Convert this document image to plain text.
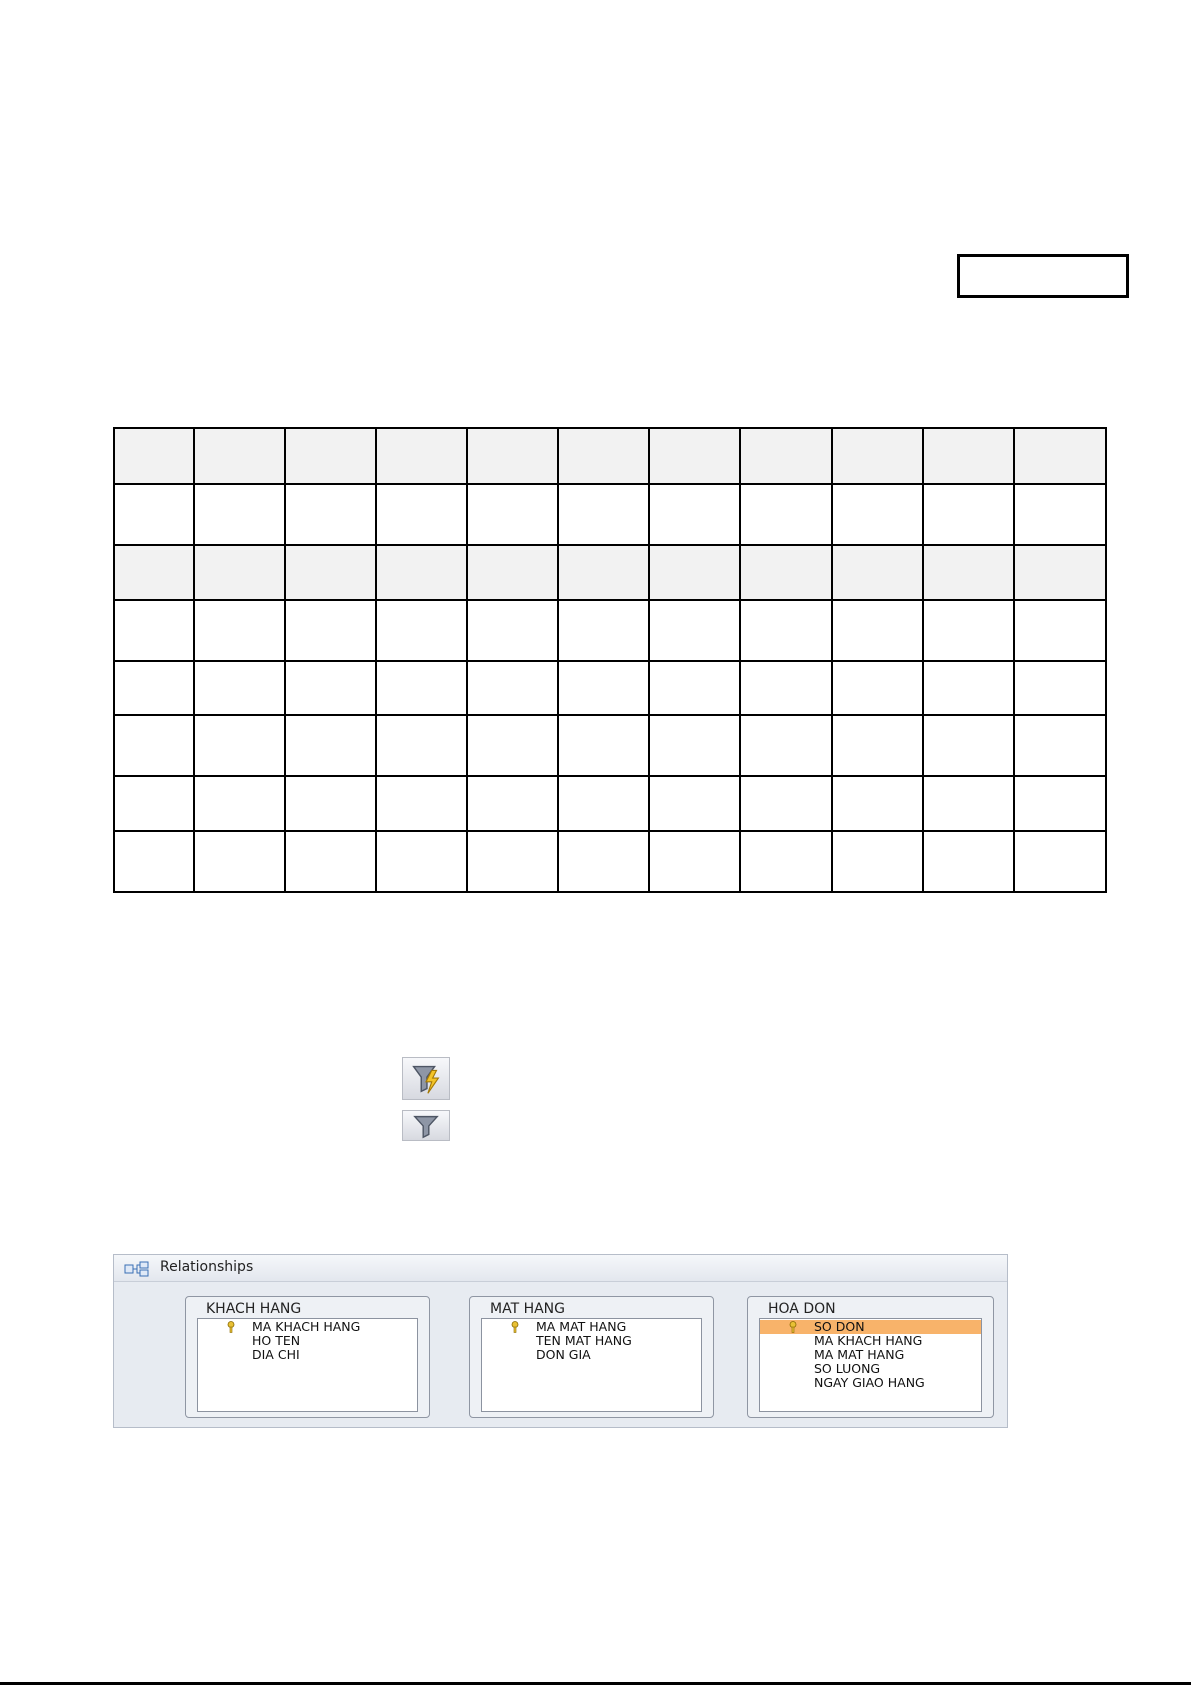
Relationships
KHACH HANG
MA KHACH HANG
HO TEN
DIA CHI
MAT HANG
MA MAT HANG
TEN MAT HANG
DON GIA
HOA DON
SO DON
MA KHACH HANG
MA MAT HANG
SO LUONG
NGAY GIAO HANG
